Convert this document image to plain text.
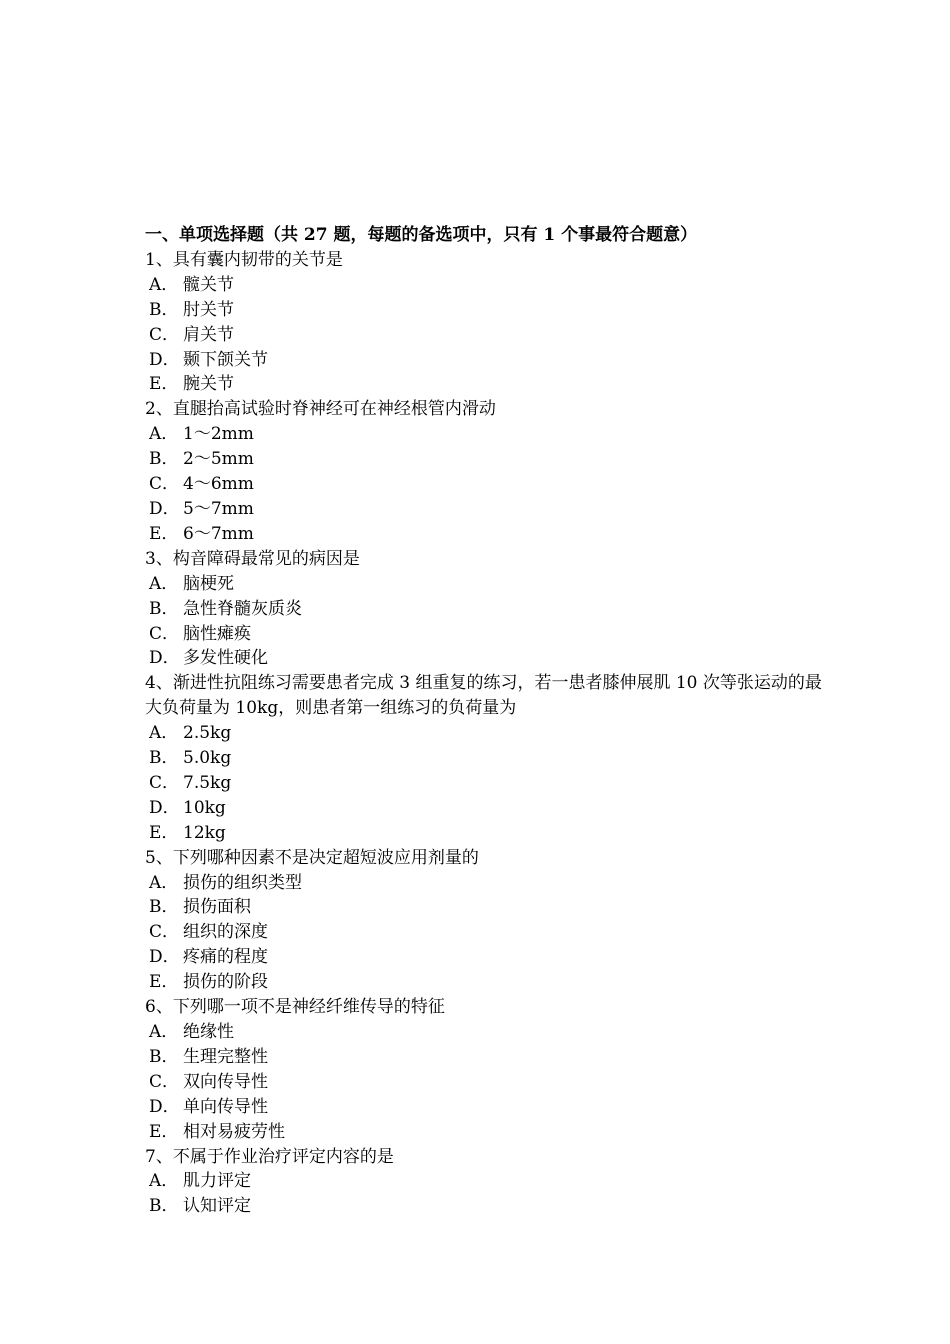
一、单项选择题（共 27 题，每题的备选项中，只有 1 个事最符合题意）

1、具有囊内韧带的关节是

A． 髋关节

B． 肘关节

C． 肩关节

D． 颞下颌关节

E． 腕关节

2、直腿抬高试验时脊神经可在神经根管内滑动

A． 1～2mm

B． 2～5mm

C． 4～6mm

D． 5～7mm

E． 6～7mm

3、构音障碍最常见的病因是

A． 脑梗死

B． 急性脊髓灰质炎

C． 脑性瘫痪

D． 多发性硬化

4、渐进性抗阻练习需要患者完成 3 组重复的练习，若一患者膝伸展肌 10 次等张运动的最大负荷量为 10kg，则患者第一组练习的负荷量为

A． 2.5kg

B． 5.0kg

C． 7.5kg

D． 10kg

E． 12kg

5、下列哪种因素不是决定超短波应用剂量的

A． 损伤的组织类型

B． 损伤面积

C． 组织的深度

D． 疼痛的程度

E． 损伤的阶段

6、下列哪一项不是神经纤维传导的特征

A． 绝缘性

B． 生理完整性

C． 双向传导性

D． 单向传导性

E． 相对易疲劳性

7、不属于作业治疗评定内容的是

A． 肌力评定

B． 认知评定
